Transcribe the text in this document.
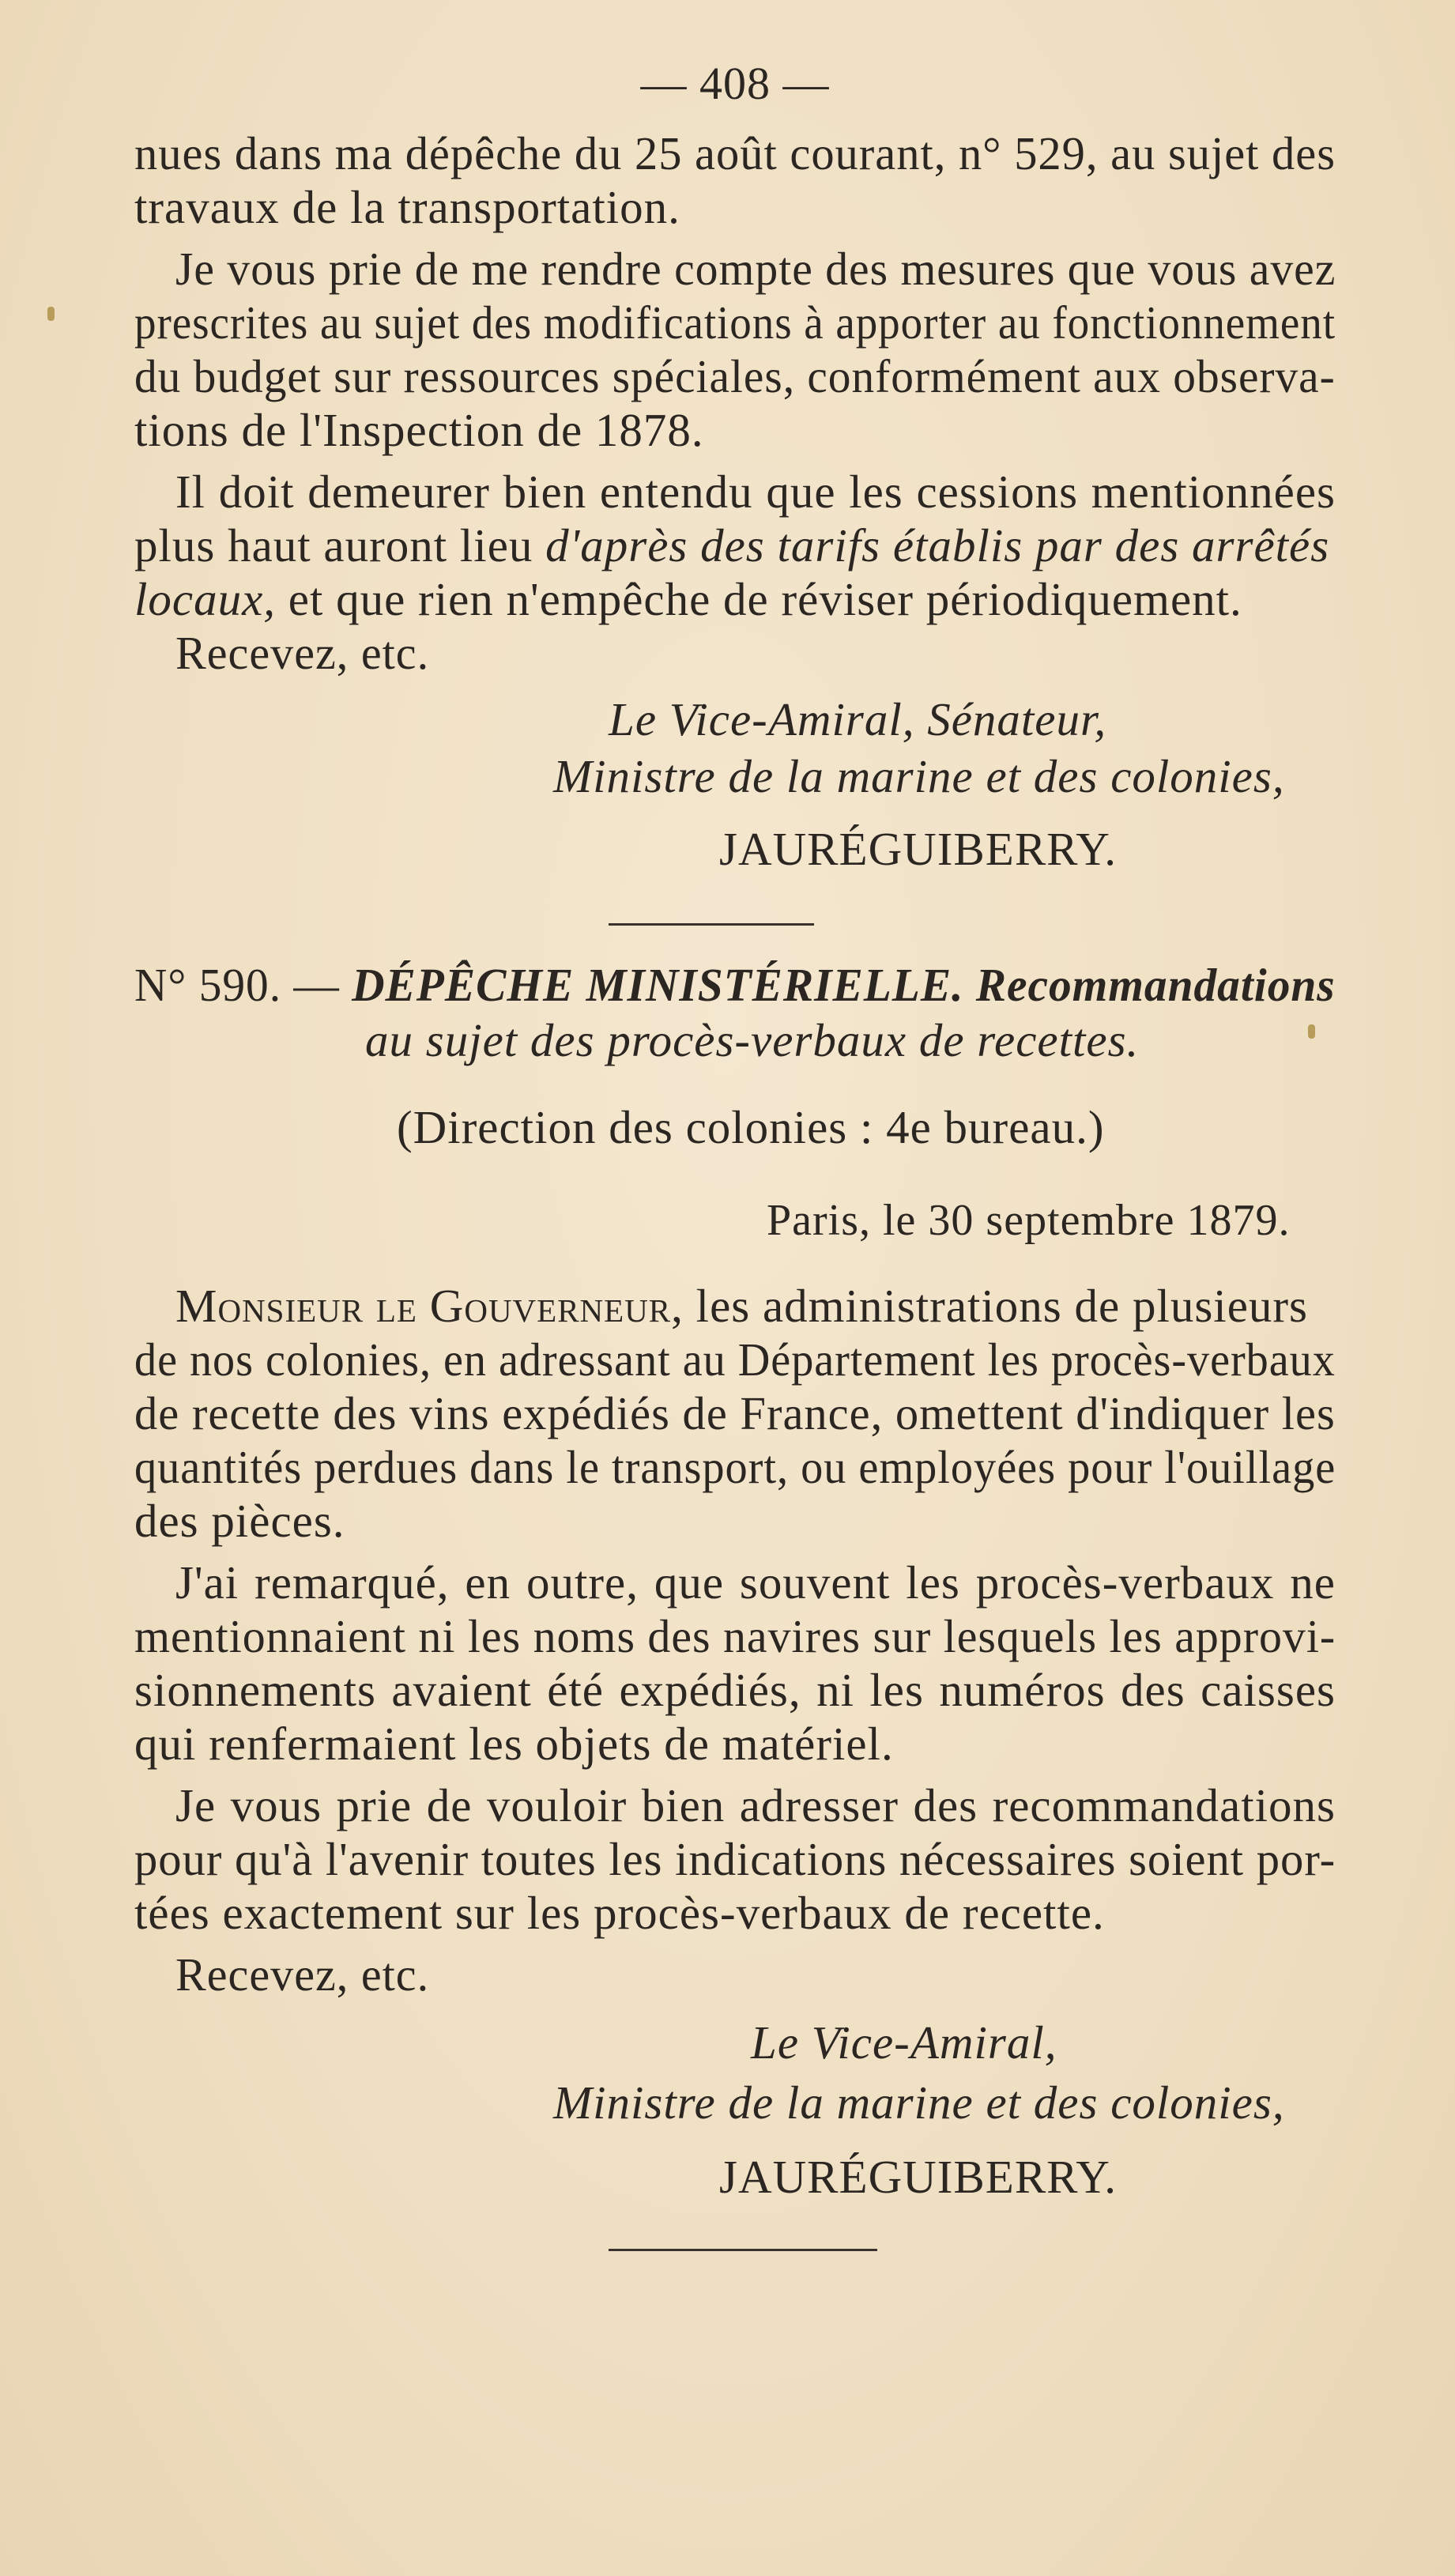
— 408 —
nues dans ma dépêche du 25 août courant, n° 529, au sujet des
travaux de la transportation.
Je vous prie de me rendre compte des mesures que vous avez
prescrites au sujet des modifications à apporter au fonctionnement
du budget sur ressources spéciales, conformément aux observa-
tions de l'Inspection de 1878.
Il doit demeurer bien entendu que les cessions mentionnées
plus haut auront lieu d'après des tarifs établis par des arrêtés
locaux, et que rien n'empêche de réviser périodiquement.
Recevez, etc.
Le Vice-Amiral, Sénateur,
Ministre de la marine et des colonies,
JAURÉGUIBERRY.
N° 590. — DÉPÊCHE MINISTÉRIELLE. Recommandations
au sujet des procès-verbaux de recettes.
(Direction des colonies : 4e bureau.)
Paris, le 30 septembre 1879.
Monsieur le Gouverneur, les administrations de plusieurs
de nos colonies, en adressant au Département les procès-verbaux
de recette des vins expédiés de France, omettent d'indiquer les
quantités perdues dans le transport, ou employées pour l'ouillage
des pièces.
J'ai remarqué, en outre, que souvent les procès-verbaux ne
mentionnaient ni les noms des navires sur lesquels les approvi-
sionnements avaient été expédiés, ni les numéros des caisses
qui renfermaient les objets de matériel.
Je vous prie de vouloir bien adresser des recommandations
pour qu'à l'avenir toutes les indications nécessaires soient por-
tées exactement sur les procès-verbaux de recette.
Recevez, etc.
Le Vice-Amiral,
Ministre de la marine et des colonies,
JAURÉGUIBERRY.
